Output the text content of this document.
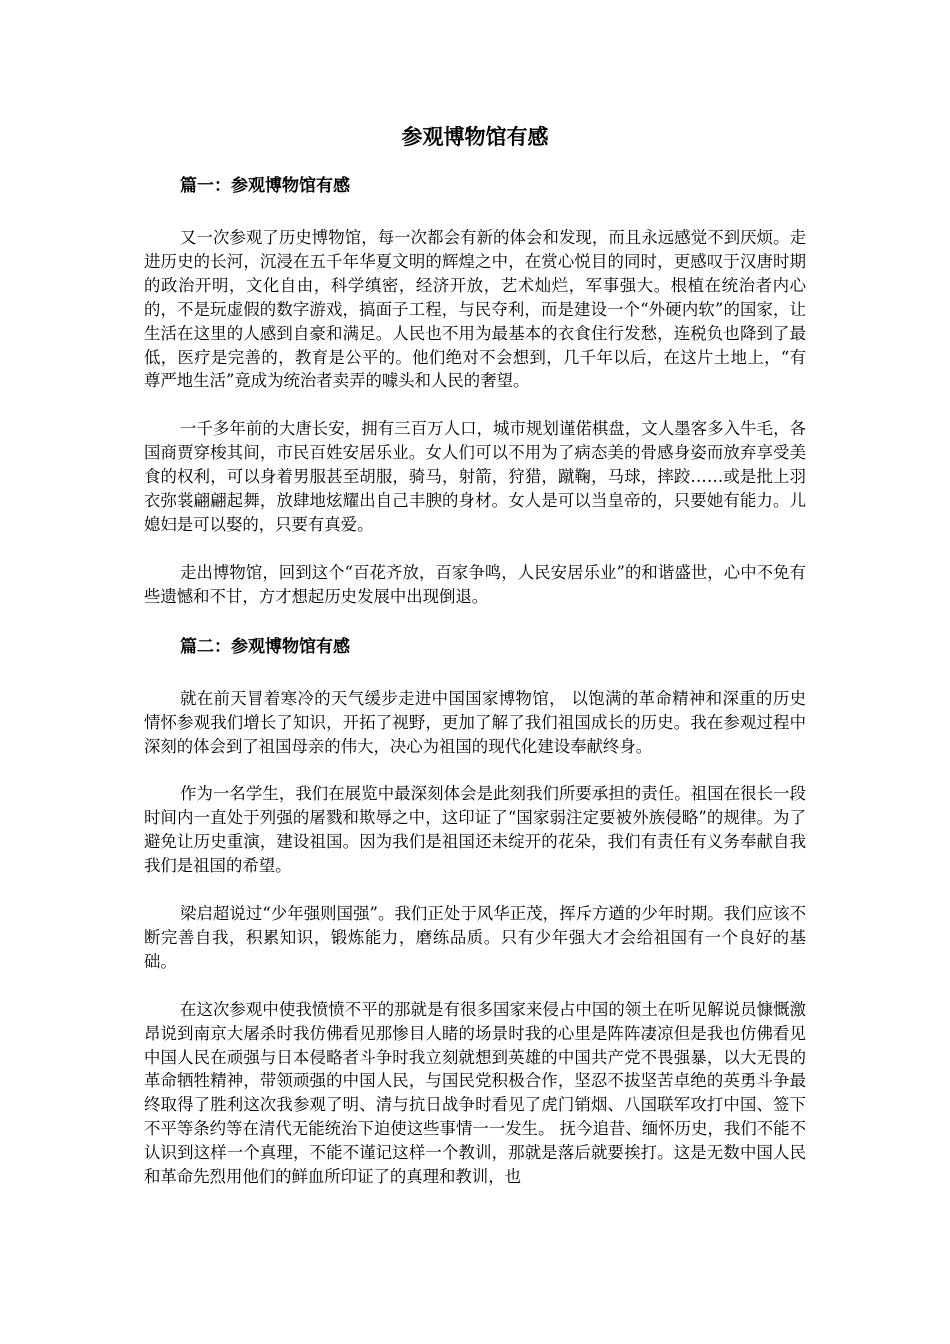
参观博物馆有感
篇一：参观博物馆有感

又一次参观了历史博物馆，每一次都会有新的体会和发现，而且永远感觉不到厌烦。走进历史的长河，沉浸在五千年华夏文明的辉煌之中，在赏心悦目的同时，更感叹于汉唐时期的政治开明，文化自由，科学缜密，经济开放，艺术灿烂，军事强大。根植在统治者内心的，不是玩虚假的数字游戏，搞面子工程，与民夺利，而是建设一个“外硬内软”的国家，让生活在这里的人感到自豪和满足。人民也不用为最基本的衣食住行发愁，连税负也降到了最低，医疗是完善的，教育是公平的。他们绝对不会想到，几千年以后，在这片土地上，“有尊严地生活”竟成为统治者卖弄的噱头和人民的奢望。

一千多年前的大唐长安，拥有三百万人口，城市规划谨偌棋盘，文人墨客多入牛毛，各国商贾穿梭其间，市民百姓安居乐业。女人们可以不用为了病态美的骨感身姿而放弃享受美食的权利，可以身着男服甚至胡服，骑马，射箭，狩猎，蹴鞠，马球，摔跤……或是批上羽衣弥裳翩翩起舞，放肆地炫耀出自己丰腴的身材。女人是可以当皇帝的，只要她有能力。儿媳妇是可以娶的，只要有真爱。

走出博物馆，回到这个“百花齐放，百家争鸣，人民安居乐业”的和谐盛世，心中不免有些遗憾和不甘，方才想起历史发展中出现倒退。

篇二：参观博物馆有感

就在前天冒着寒冷的天气缓步走进中国国家博物馆， 以饱满的革命精神和深重的历史情怀参观我们增长了知识，开拓了视野，更加了解了我们祖国成长的历史。我在参观过程中深刻的体会到了祖国母亲的伟大，决心为祖国的现代化建设奉献终身。

作为一名学生，我们在展览中最深刻体会是此刻我们所要承担的责任。祖国在很长一段时间内一直处于列强的屠戮和欺辱之中，这印证了“国家弱注定要被外族侵略”的规律。为了避免让历史重演，建设祖国。因为我们是祖国还未绽开的花朵，我们有责任有义务奉献自我我们是祖国的希望。

梁启超说过“少年强则国强”。我们正处于风华正茂，挥斥方遒的少年时期。我们应该不断完善自我，积累知识，锻炼能力，磨练品质。只有少年强大才会给祖国有一个良好的基础。

在这次参观中使我愤愤不平的那就是有很多国家来侵占中国的领土在听见解说员慷慨激昂说到南京大屠杀时我仿佛看见那惨目人睹的场景时我的心里是阵阵凄凉但是我也仿佛看见中国人民在顽强与日本侵略者斗争时我立刻就想到英雄的中国共产党不畏强暴，以大无畏的革命牺牲精神，带领顽强的中国人民，与国民党积极合作，坚忍不拔坚苦卓绝的英勇斗争最终取得了胜利这次我参观了明、清与抗日战争时看见了虎门销烟、八国联军攻打中国、签下不平等条约等在清代无能统治下迫使这些事情一一发生。 抚今追昔、缅怀历史，我们不能不认识到这样一个真理，不能不谨记这样一个教训，那就是落后就要挨打。这是无数中国人民和革命先烈用他们的鲜血所印证了的真理和教训，也
